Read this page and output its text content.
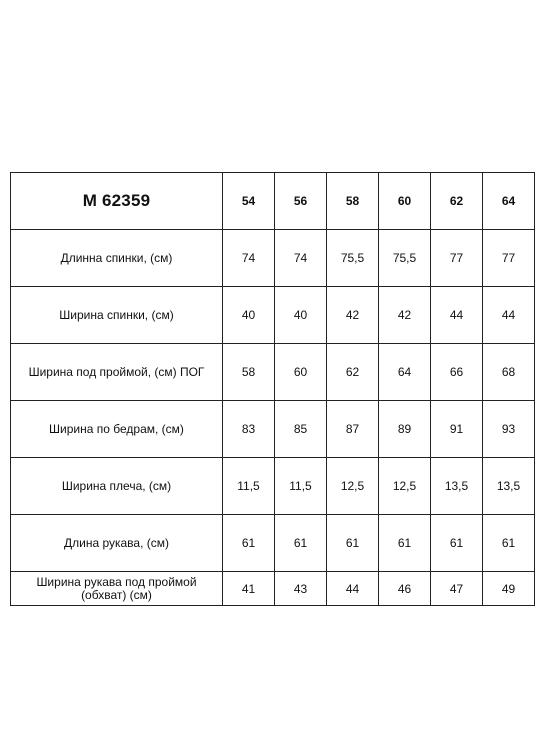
M 62359	54	56	58	60	62	64
Длинна спинки, (см)	74	74	75,5	75,5	77	77
Ширина спинки, (см)	40	40	42	42	44	44
Ширина под проймой, (см) ПОГ	58	60	62	64	66	68
Ширина по бедрам, (см)	83	85	87	89	91	93
Ширина плеча, (см)	11,5	11,5	12,5	12,5	13,5	13,5
Длина рукава, (см)	61	61	61	61	61	61
Ширина рукава под проймой (обхват) (см)	41	43	44	46	47	49
